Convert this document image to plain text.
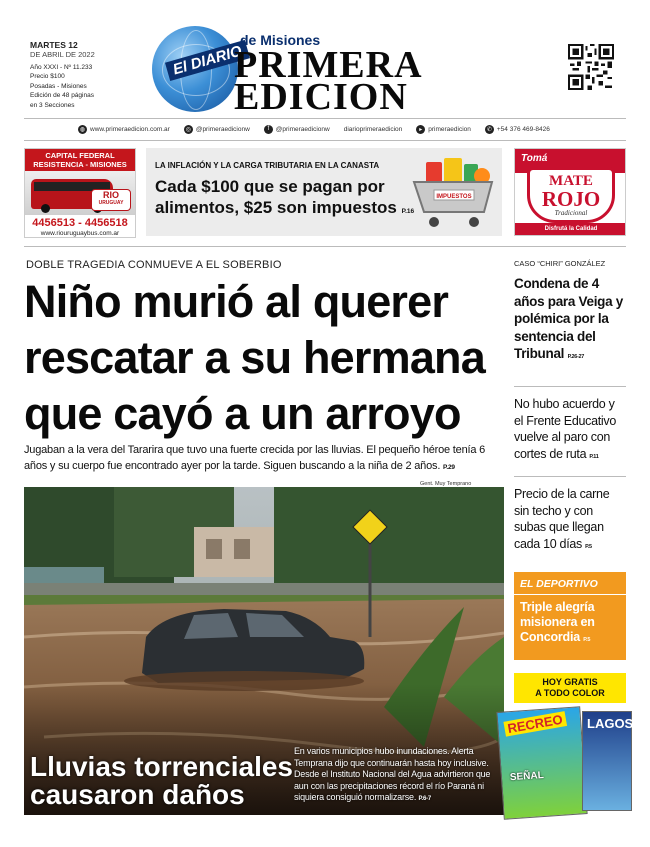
MARTES 12
DE ABRIL DE 2022
Año XXXI - Nº 11.233
Precio $100
Posadas - Misiones
Edición de 48 páginas
en 3 Secciones
El DIARIO
de Misiones
PRIMERA
EDICION
◍ www.primeraedicion.com.ar	◎ @primeraedicionw	f	@primeraedicionw diarioprimeraedicion	▸ primeraedicion	✆ +54 376 469-8426
CAPITAL FEDERAL
RESISTENCIA - MISIONES
RIO
URUGUAY
4456513 - 4456518
www.riouruguaybus.com.ar
LA INFLACIÓN Y LA CARGA TRIBUTARIA EN LA CANASTA
Cada $100 que se pagan por alimentos, $25 son impuestos P.16
IMPUESTOS
Tomá
MATE
ROJO
Tradicional
Disfrutá la Calidad
DOBLE TRAGEDIA CONMUEVE A EL SOBERBIO
Niño murió al querer rescatar a su hermana que cayó a un arroyo
Jugaban a la vera del Tararira que tuvo una fuerte crecida por las lluvias. El pequeño héroe tenía 6 años y su cuerpo fue encontrado ayer por la tarde. Siguen buscando a la niña de 2 años. P.29
Gent. Muy Temprano
Lluvias torrenciales
causaron daños
En varios municipios hubo inundaciones. Alerta Temprana dijo que continuarán hasta hoy inclusive. Desde el Instituto Nacional del Agua advirtieron que aun con las precipitaciones récord el río Paraná ni siquiera consiguió normalizarse. P.6-7
CASO “CHIRI” GONZÁLEZ
Condena de 4 años para Veiga y polémica por la sentencia del Tribunal P.26-27
No hubo acuerdo y el Frente Educativo vuelve al paro con cortes de ruta P.11
Precio de la carne sin techo y con subas que llegan cada 10 días P.5
EL DEPORTIVO
Triple alegría misionera en Concordia P.5
HOY GRATIS
A TODO COLOR
RECREO
SEÑAL
LAGOS
